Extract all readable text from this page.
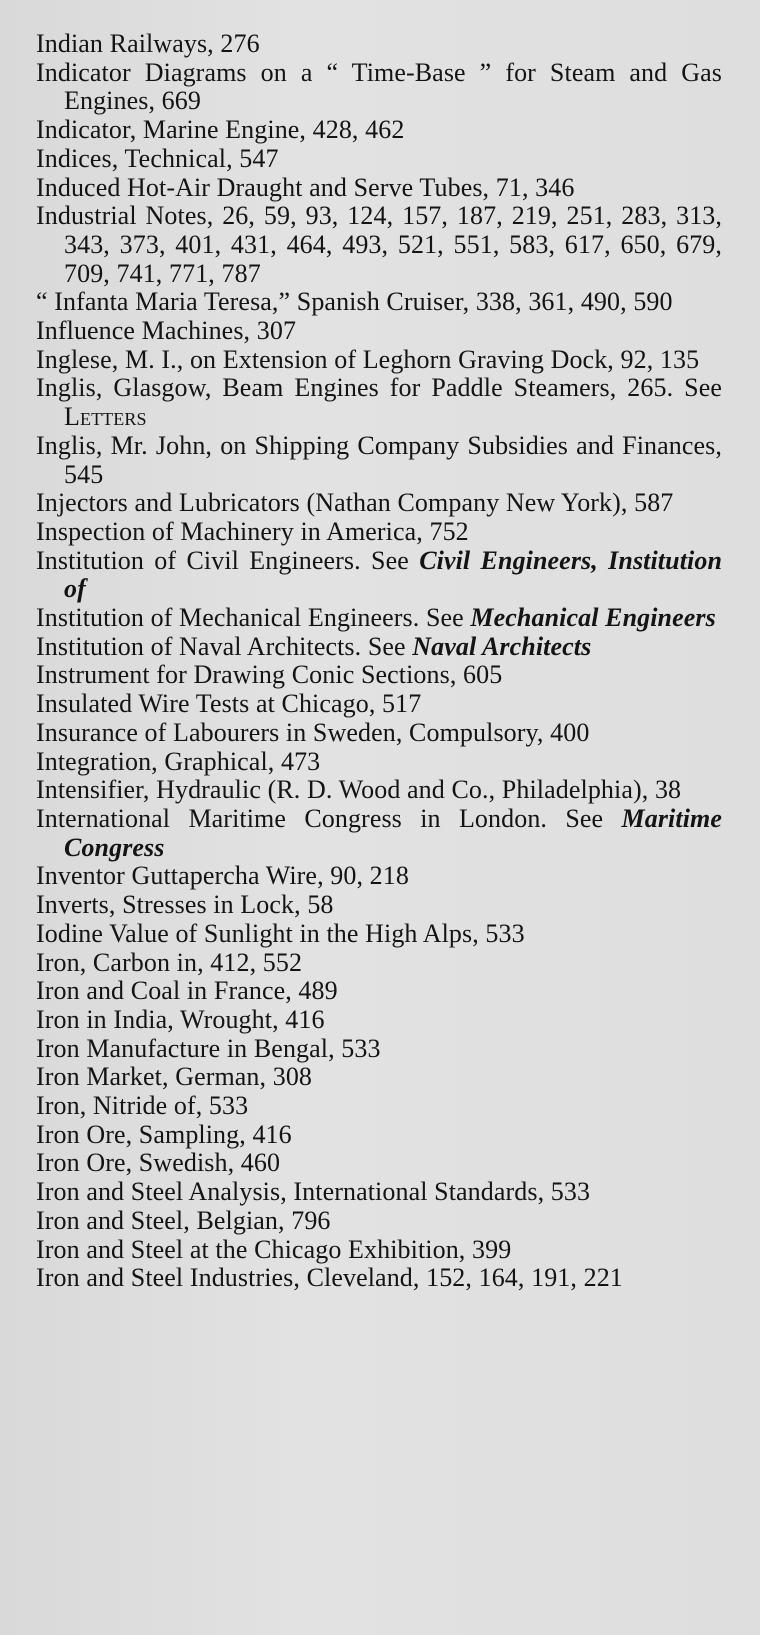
Indian Railways, 276

Indicator Diagrams on a “ Time-Base ” for Steam and Gas Engines, 669

Indicator, Marine Engine, 428, 462

Indices, Technical, 547

Induced Hot-Air Draught and Serve Tubes, 71, 346

Industrial Notes, 26, 59, 93, 124, 157, 187, 219, 251, 283, 313, 343, 373, 401, 431, 464, 493, 521, 551, 583, 617, 650, 679, 709, 741, 771, 787

“ Infanta Maria Teresa,” Spanish Cruiser, 338, 361, 490, 590

Influence Machines, 307

Inglese, M. I., on Extension of Leghorn Graving Dock, 92, 135

Inglis, Glasgow, Beam Engines for Paddle Steamers, 265. See Letters

Inglis, Mr. John, on Shipping Company Subsidies and Finances, 545

Injectors and Lubricators (Nathan Company New York), 587

Inspection of Machinery in America, 752

Institution of Civil Engineers. See Civil Engineers, Institution of

Institution of Mechanical Engineers. See Mechanical Engineers

Institution of Naval Architects. See Naval Architects

Instrument for Drawing Conic Sections, 605

Insulated Wire Tests at Chicago, 517

Insurance of Labourers in Sweden, Compulsory, 400

Integration, Graphical, 473

Intensifier, Hydraulic (R. D. Wood and Co., Philadelphia), 38

International Maritime Congress in London. See Maritime Congress

Inventor Guttapercha Wire, 90, 218

Inverts, Stresses in Lock, 58

Iodine Value of Sunlight in the High Alps, 533

Iron, Carbon in, 412, 552

Iron and Coal in France, 489

Iron in India, Wrought, 416

Iron Manufacture in Bengal, 533

Iron Market, German, 308

Iron, Nitride of, 533

Iron Ore, Sampling, 416

Iron Ore, Swedish, 460

Iron and Steel Analysis, International Standards, 533

Iron and Steel, Belgian, 796

Iron and Steel at the Chicago Exhibition, 399

Iron and Steel Industries, Cleveland, 152, 164, 191, 221
